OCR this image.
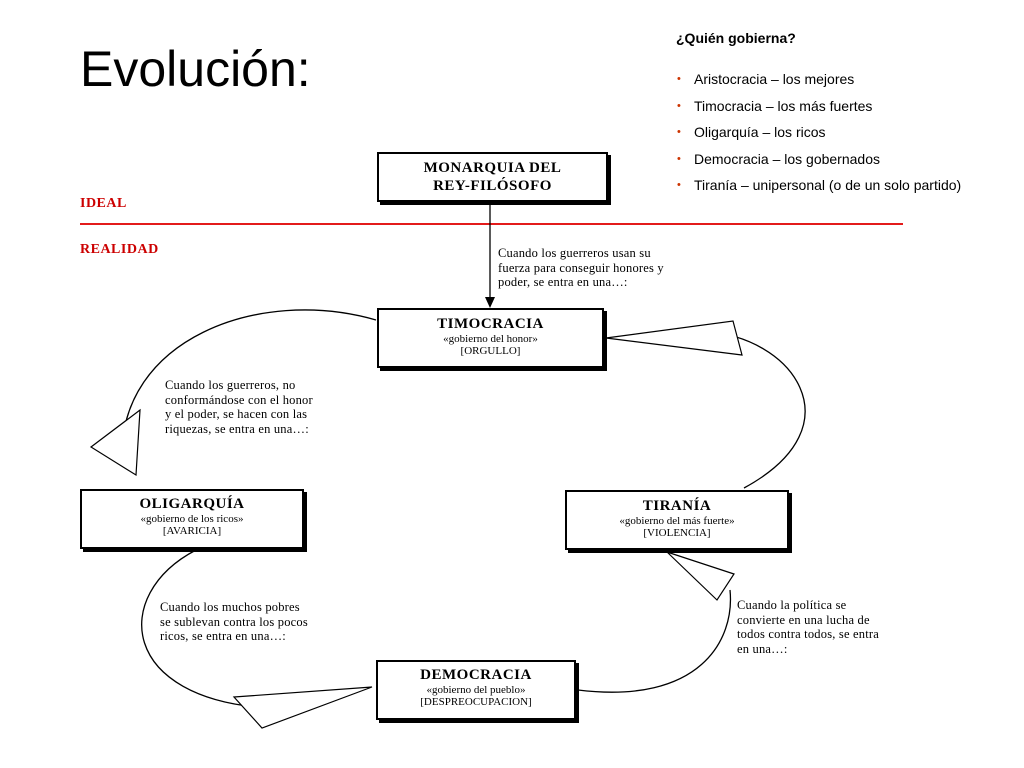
Evolución:
¿Quién gobierna?
• Aristocracia – los mejores
• Timocracia – los más fuertes
• Oligarquía – los ricos
• Democracia – los gobernados
• Tiranía – unipersonal (o de un solo partido)
IDEAL
REALIDAD
MONARQUIA DEL
REY-FILÓSOFO
TIMOCRACIA
«gobierno del honor»
[ORGULLO]
OLIGARQUÍA
«gobierno de los ricos»
[AVARICIA]
TIRANÍA
«gobierno del más fuerte»
[VIOLENCIA]
DEMOCRACIA
«gobierno del pueblo»
[DESPREOCUPACION]
Cuando los guerreros usan su
fuerza para conseguir honores y
poder, se entra en una…:
Cuando los guerreros, no
conformándose con el honor
y el poder, se hacen con las
riquezas, se entra en una…:
Cuando los muchos pobres
se sublevan contra los pocos
ricos, se entra en una…:
Cuando la política se
convierte en una lucha de
todos contra todos, se entra
en una…:
